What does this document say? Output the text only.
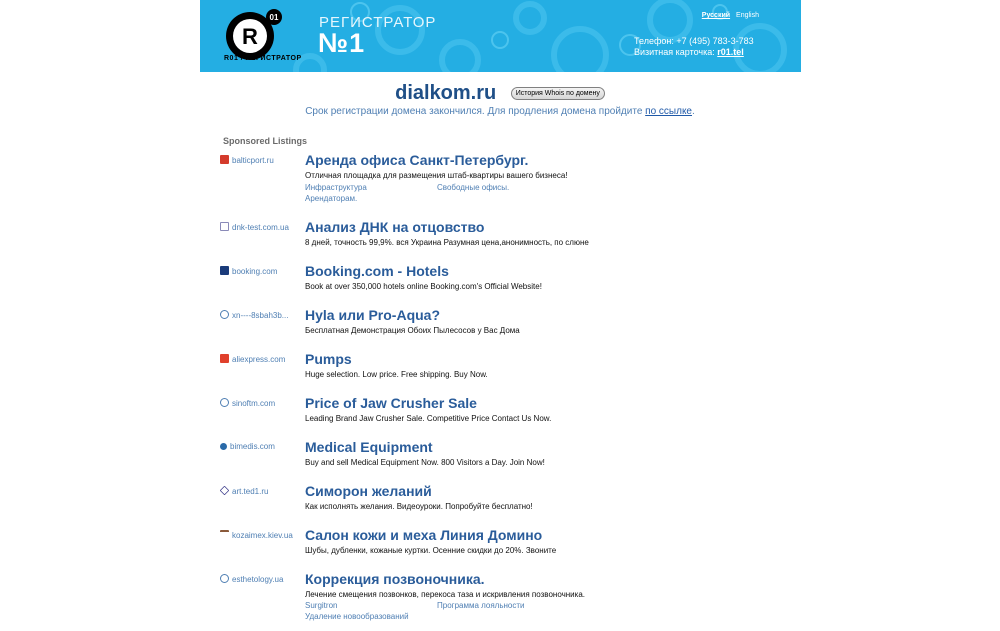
R
01
R01 / РЕГИСТРАТОР
РЕГИСТРАТОР
№1
Русский English
Телефон: +7 (495) 783-3-783
Визитная карточка: r01.tel
dialkom.ru	История Whois по домену
Срок регистрации домена закончился. Для продления домена пройдите по ссылке.
Sponsored Listings
balticport.ru Аренда офиса Санкт-Петербург.
Отличная площадка для размещения штаб-квартиры вашего бизнеса!
Инфраструктура	Свободные офисы.
Арендаторам.
dnk-test.com.ua Анализ ДНК на отцовство
8 дней, точность 99,9%. вся Украина Разумная цена,анонимность, по слюне
booking.com Booking.com - Hotels
Book at over 350,000 hotels online Booking.com's Official Website!
xn----8sbah3b... Hyla или Pro-Aqua?
Бесплатная Демонстрация Обоих Пылесосов у Вас Дома
aliexpress.com Pumps
Huge selection. Low price. Free shipping. Buy Now.
sinoftm.com Price of Jaw Crusher Sale
Leading Brand Jaw Crusher Sale. Competitive Price Contact Us Now.
bimedis.com Medical Equipment
Buy and sell Medical Equipment Now. 800 Visitors a Day. Join Now!
art.ted1.ru	Симорон желаний
Как исполнять желания. Видеоуроки. Попробуйте бесплатно!
kozaimex.kiev.ua Салон кожи и меха Линия Домино
Шубы, дубленки, кожаные куртки. Осенние скидки до 20%. Звоните
esthetology.ua Коррекция позвоночника.
Лечение смещения позвонков, перекоса таза и искривления позвоночника.
Surgitron	Программа лояльности
Удаление новообразований
